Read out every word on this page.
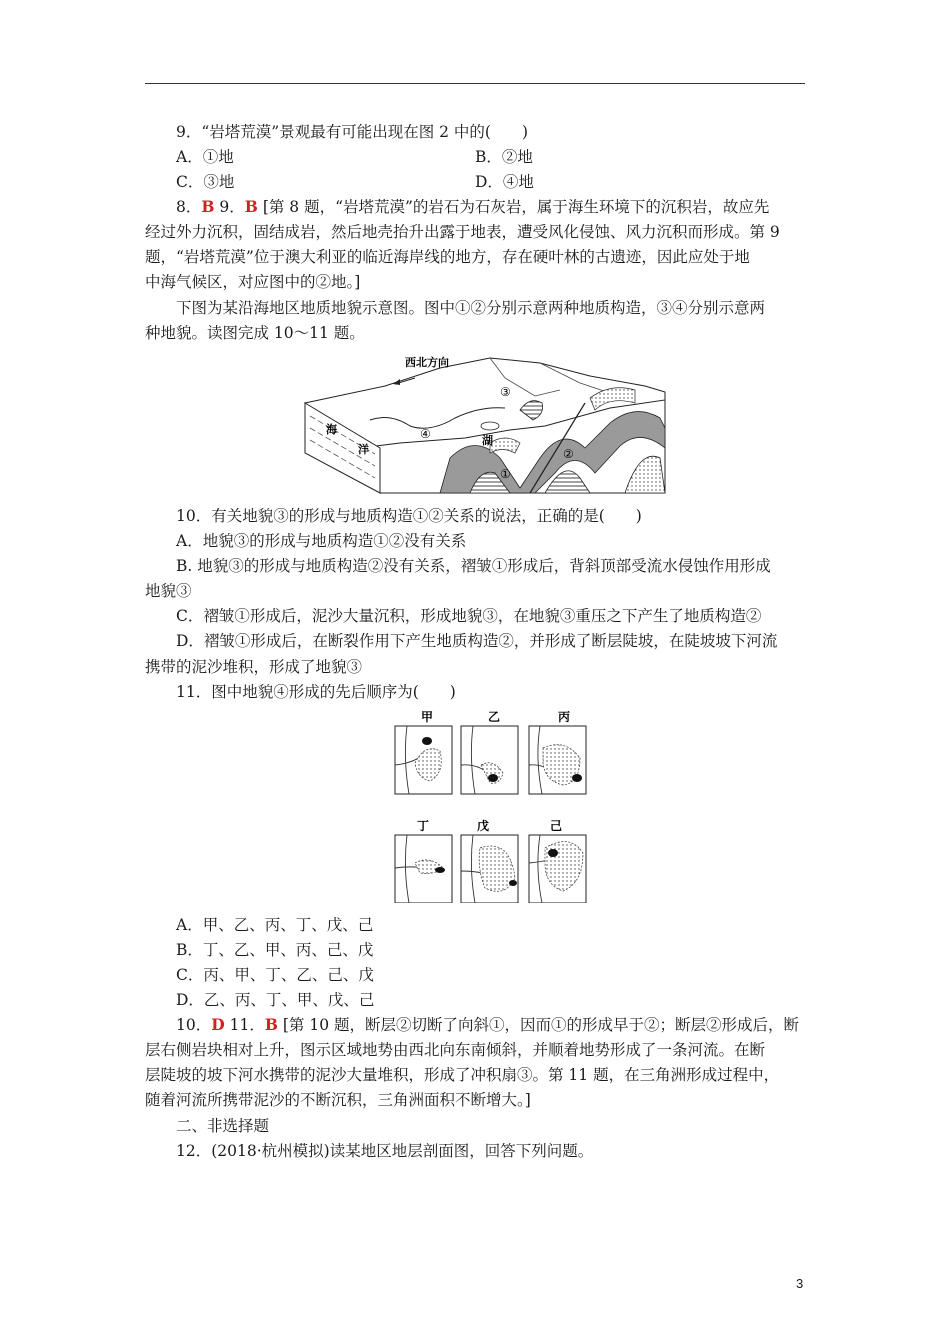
9．“岩塔荒漠”景观最有可能出现在图 2 中的(　　)
A．①地	B．②地
C．③地	D．④地
8．B 9．B [第 8 题，“岩塔荒漠”的岩石为石灰岩，属于海生环境下的沉积岩，故应先
经过外力沉积，固结成岩，然后地壳抬升出露于地表，遭受风化侵蚀、风力沉积而形成。第 9
题，“岩塔荒漠”位于澳大利亚的临近海岸线的地方，存在硬叶林的古遗迹，因此应处于地
中海气候区，对应图中的②地。]
下图为某沿海地区地质地貌示意图。图中①②分别示意两种地质构造，③④分别示意两
种地貌。读图完成 10～11 题。
西北方向
海
洋
湖
①
②
③
④
10．有关地貌③的形成与地质构造①②关系的说法，正确的是(　　)
A．地貌③的形成与地质构造①②没有关系
B. 地貌③的形成与地质构造②没有关系，褶皱①形成后，背斜顶部受流水侵蚀作用形成
地貌③
C．褶皱①形成后，泥沙大量沉积，形成地貌③，在地貌③重压之下产生了地质构造②
D．褶皱①形成后，在断裂作用下产生地质构造②，并形成了断层陡坡，在陡坡坡下河流
携带的泥沙堆积，形成了地貌③
11．图中地貌④形成的先后顺序为(　　)
甲	乙	丙
丁	戊	己
A．甲、乙、丙、丁、戊、己
B．丁、乙、甲、丙、己、戊
C．丙、甲、丁、乙、己、戊
D．乙、丙、丁、甲、戊、己
10．D 11．B [第 10 题，断层②切断了向斜①，因而①的形成早于②；断层②形成后，断
层右侧岩块相对上升，图示区域地势由西北向东南倾斜，并顺着地势形成了一条河流。在断
层陡坡的坡下河水携带的泥沙大量堆积，形成了冲积扇③。第 11 题，在三角洲形成过程中，
随着河流所携带泥沙的不断沉积，三角洲面积不断增大。]
二、非选择题
12．(2018·杭州模拟)读某地区地层剖面图，回答下列问题。
3
